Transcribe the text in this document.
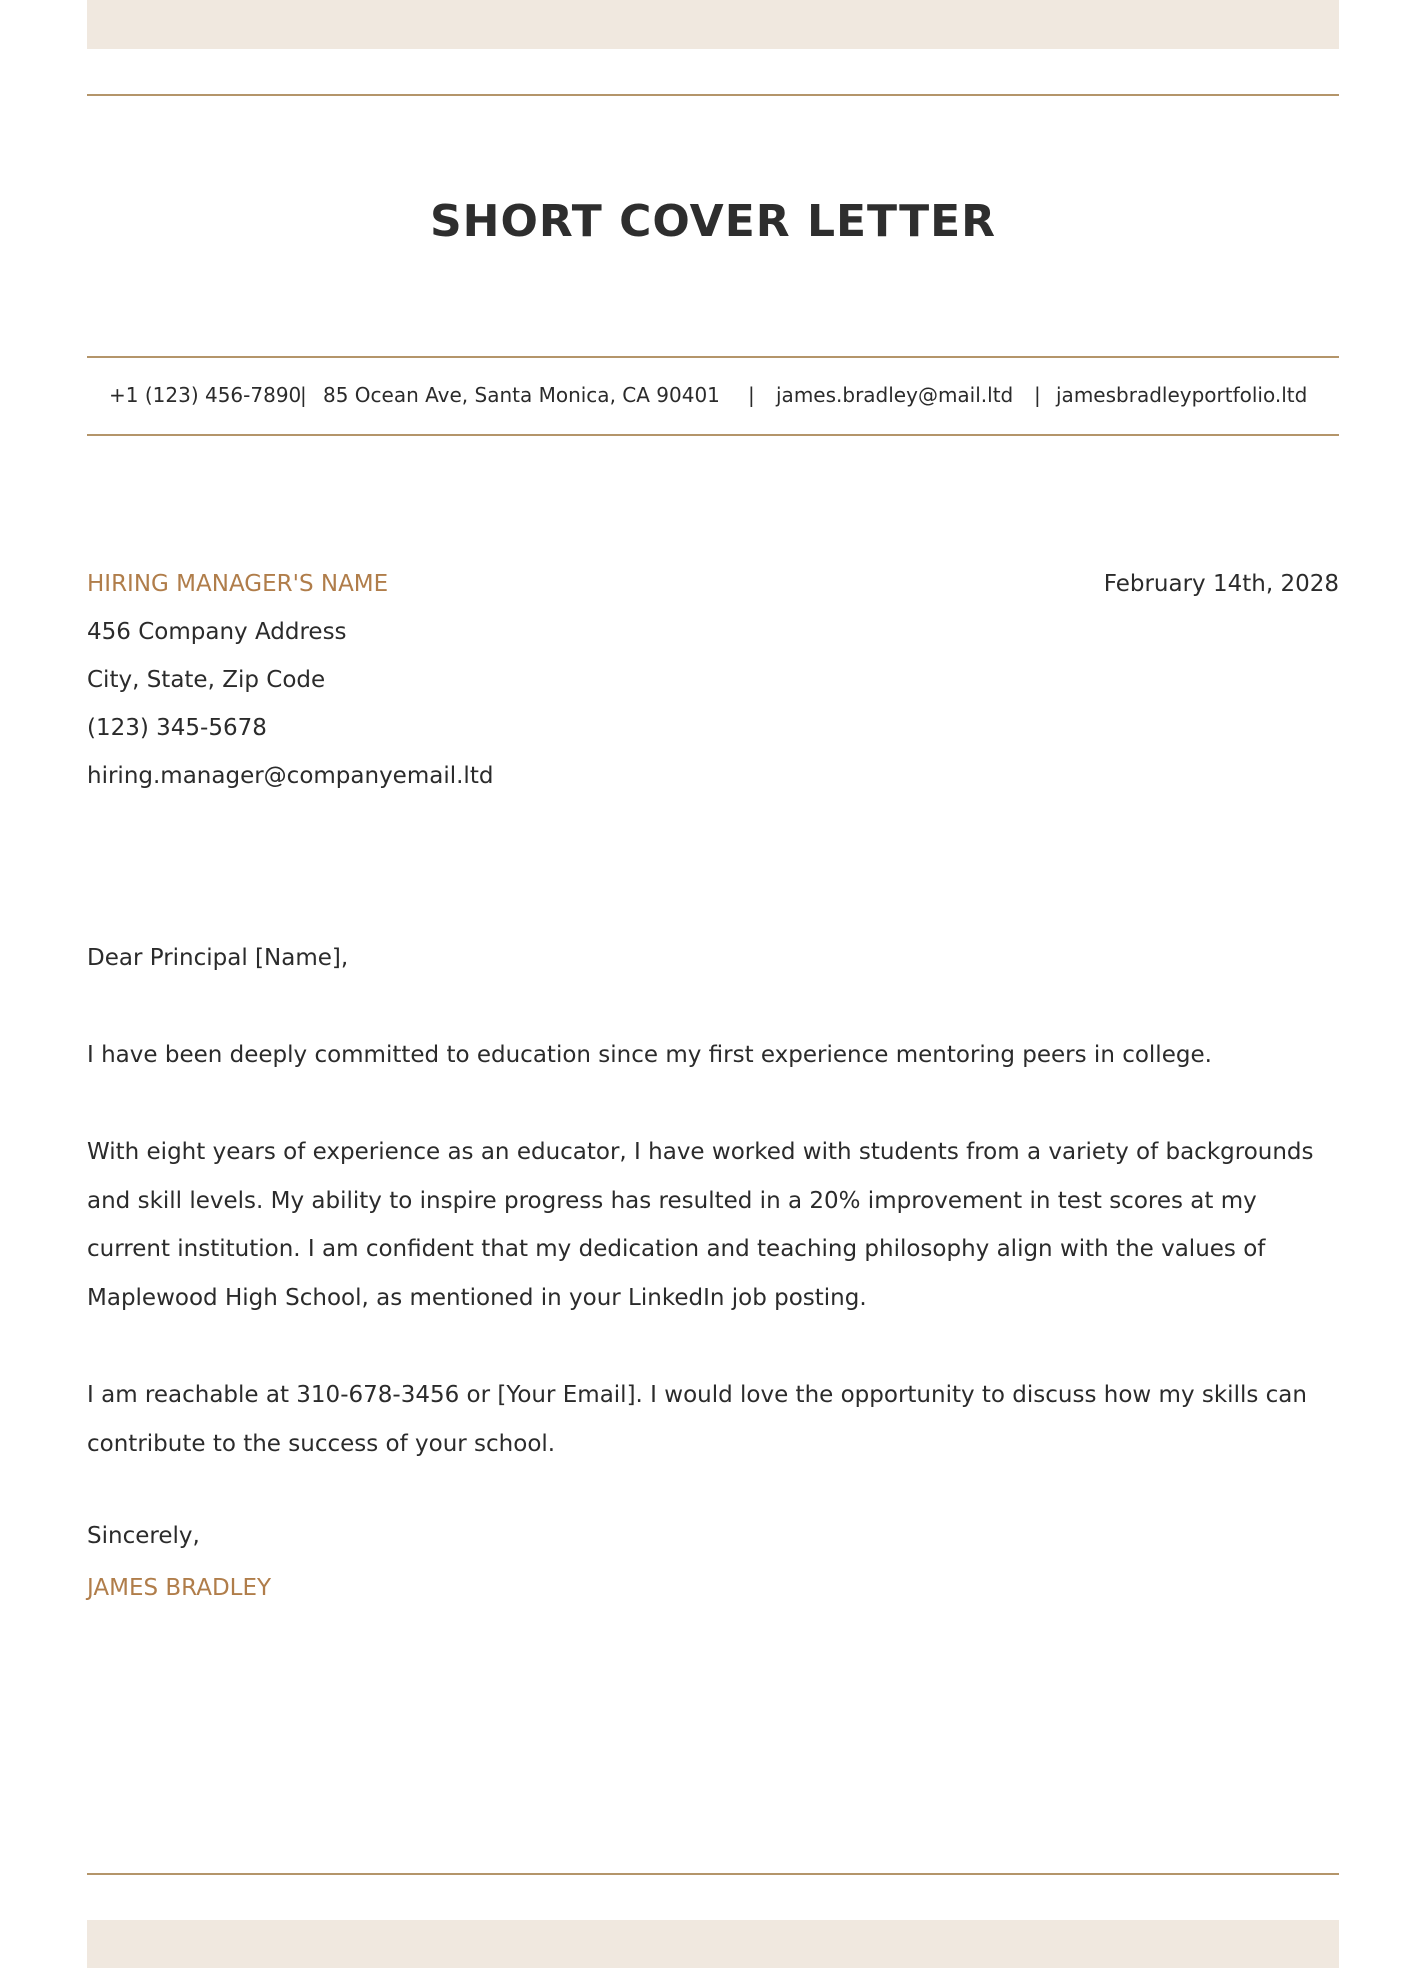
SHORT COVER LETTER
+1 (123) 456-7890
| 85 Ocean Ave, Santa Monica, CA 90401 | james.bradley@mail.ltd | jamesbradleyportfolio.ltd
HIRING MANAGER'S NAME
456 Company Address
City, State, Zip Code
(123) 345-5678
hiring.manager@companyemail.ltd
February 14th, 2028

Dear Principal [Name],

I have been deeply committed to education since my first experience mentoring peers in college.

With eight years of experience as an educator, I have worked with students from a variety of backgrounds and skill levels. My ability to inspire progress has resulted in a 20% improvement in test scores at my current institution. I am confident that my dedication and teaching philosophy align with the values of Maplewood High School, as mentioned in your LinkedIn job posting.

I am reachable at 310-678-3456 or [Your Email]. I would love the opportunity to discuss how my skills can contribute to the success of your school.

Sincerely,
JAMES BRADLEY
